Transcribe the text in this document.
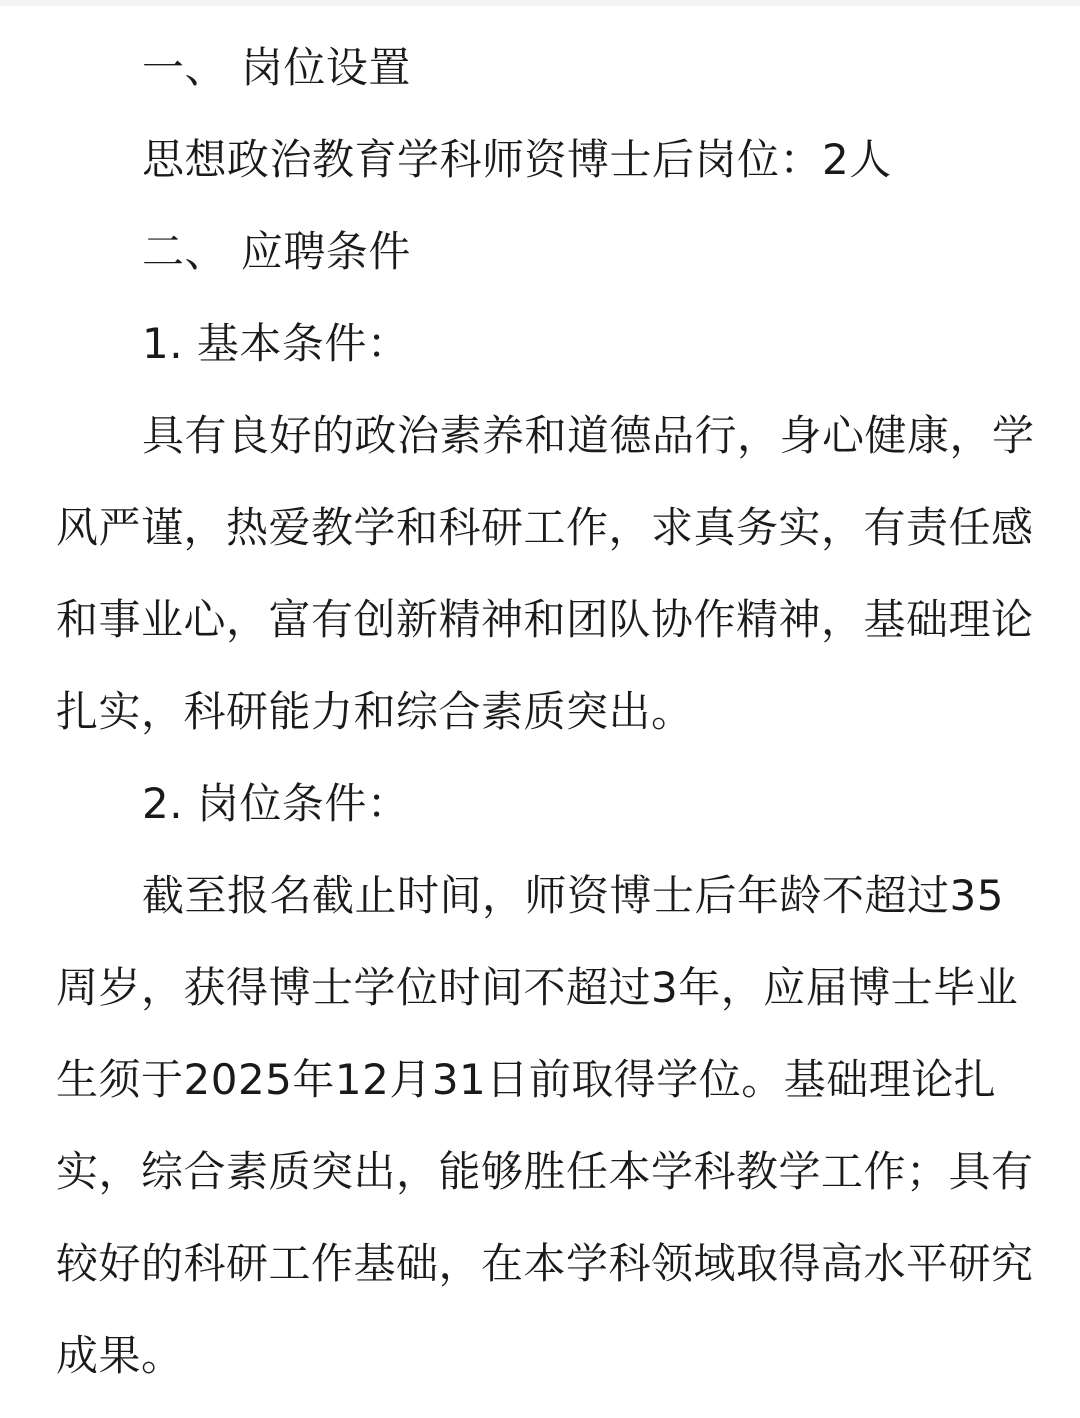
一、 岗位设置

思想政治教育学科师资博士后岗位：2人

二、 应聘条件

1. 基本条件：

具有良好的政治素养和道德品行，身心健康，学风严谨，热爱教学和科研工作，求真务实，有责任感和事业心，富有创新精神和团队协作精神，基础理论扎实，科研能力和综合素质突出。

2. 岗位条件：

截至报名截止时间，师资博士后年龄不超过35周岁，获得博士学位时间不超过3年，应届博士毕业生须于2025年12月31日前取得学位。基础理论扎实，综合素质突出，能够胜任本学科教学工作；具有较好的科研工作基础，在本学科领域取得高水平研究成果。
